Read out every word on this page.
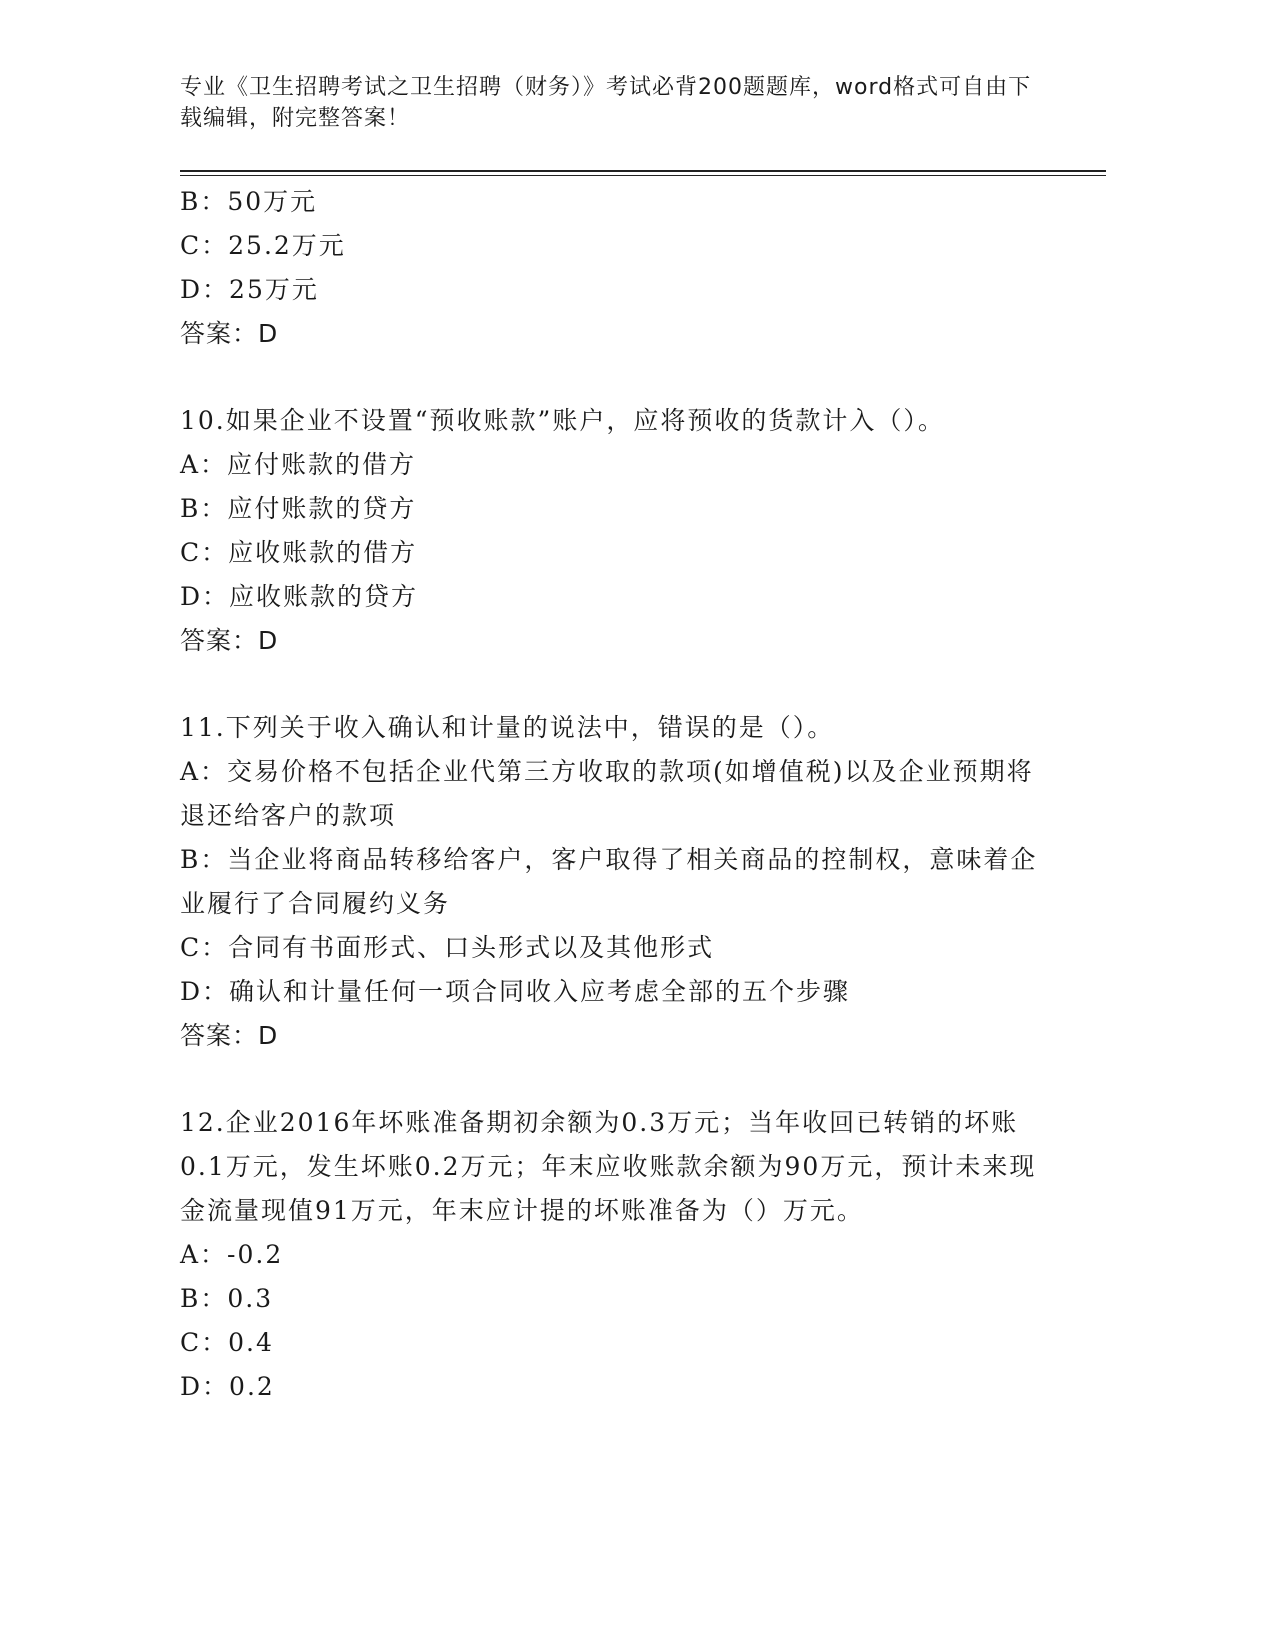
专业《卫生招聘考试之卫生招聘（财务）》考试必背200题题库，word格式可自由下载编辑，附完整答案！
B：50万元
C：25.2万元
D：25万元
答案：D
10.如果企业不设置“预收账款”账户，应将预收的货款计入（）。
A：应付账款的借方
B：应付账款的贷方
C：应收账款的借方
D：应收账款的贷方
答案：D
11.下列关于收入确认和计量的说法中，错误的是（）。
A：交易价格不包括企业代第三方收取的款项(如增值税)以及企业预期将退还给客户的款项
B：当企业将商品转移给客户，客户取得了相关商品的控制权，意味着企业履行了合同履约义务
C：合同有书面形式、口头形式以及其他形式
D：确认和计量任何一项合同收入应考虑全部的五个步骤
答案：D
12.企业2016年坏账准备期初余额为0.3万元；当年收回已转销的坏账0.1万元，发生坏账0.2万元；年末应收账款余额为90万元，预计未来现金流量现值91万元，年末应计提的坏账准备为（）万元。
A：-0.2
B：0.3
C：0.4
D：0.2
